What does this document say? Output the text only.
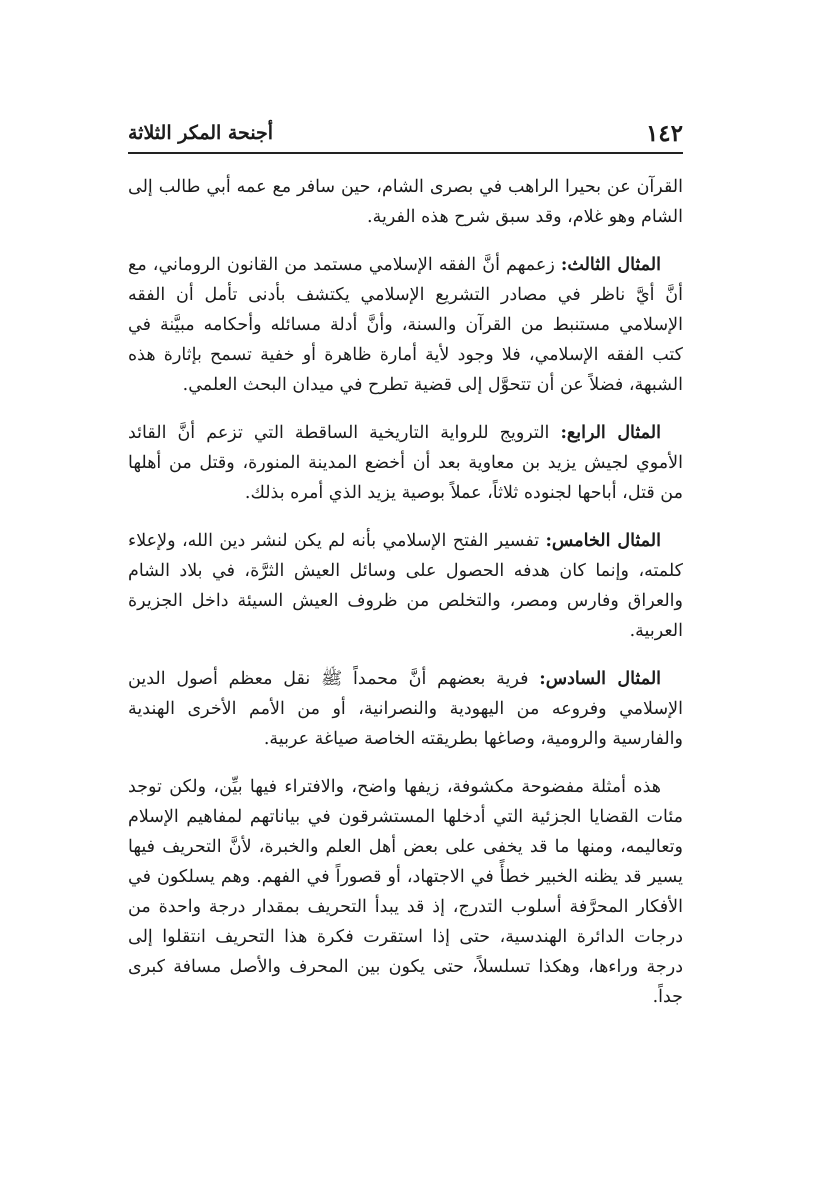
١٤٢
أجنحة المكر الثلاثة

القرآن عن بحيرا الراهب في بصرى الشام، حين سافر مع عمه أبي طالب إلى الشام وهو غلام، وقد سبق شرح هذه الفرية.

المثال الثالث: زعمهم أنَّ الفقه الإسلامي مستمد من القانون الروماني، مع أنَّ أيَّ ناظر في مصادر التشريع الإسلامي يكتشف بأدنى تأمل أن الفقه الإسلامي مستنبط من القرآن والسنة، وأنَّ أدلة مسائله وأحكامه مبيَّنة في كتب الفقه الإسلامي، فلا وجود لأية أمارة ظاهرة أو خفية تسمح بإثارة هذه الشبهة، فضلاً عن أن تتحوَّل إلى قضية تطرح في ميدان البحث العلمي.

المثال الرابع: الترويج للرواية التاريخية الساقطة التي تزعم أنَّ القائد الأموي لجيش يزيد بن معاوية بعد أن أخضع المدينة المنورة، وقتل من أهلها من قتل، أباحها لجنوده ثلاثاً، عملاً بوصية يزيد الذي أمره بذلك.

المثال الخامس: تفسير الفتح الإسلامي بأنه لم يكن لنشر دين الله، ولإعلاء كلمته، وإنما كان هدفه الحصول على وسائل العيش الثرَّة، في بلاد الشام والعراق وفارس ومصر، والتخلص من ظروف العيش السيئة داخل الجزيرة العربية.

المثال السادس: فرية بعضهم أنَّ محمداً ﷺ نقل معظم أصول الدين الإسلامي وفروعه من اليهودية والنصرانية، أو من الأمم الأخرى الهندية والفارسية والرومية، وصاغها بطريقته الخاصة صياغة عربية.

هذه أمثلة مفضوحة مكشوفة، زيفها واضح، والافتراء فيها بيِّن، ولكن توجد مئات القضايا الجزئية التي أدخلها المستشرقون في بياناتهم لمفاهيم الإسلام وتعاليمه، ومنها ما قد يخفى على بعض أهل العلم والخبرة، لأنَّ التحريف فيها يسير قد يظنه الخبير خطأً في الاجتهاد، أو قصوراً في الفهم. وهم يسلكون في الأفكار المحرَّفة أسلوب التدرج، إذ قد يبدأ التحريف بمقدار درجة واحدة من درجات الدائرة الهندسية، حتى إذا استقرت فكرة هذا التحريف انتقلوا إلى درجة وراءها، وهكذا تسلسلاً، حتى يكون بين المحرف والأصل مسافة كبرى جداً.
